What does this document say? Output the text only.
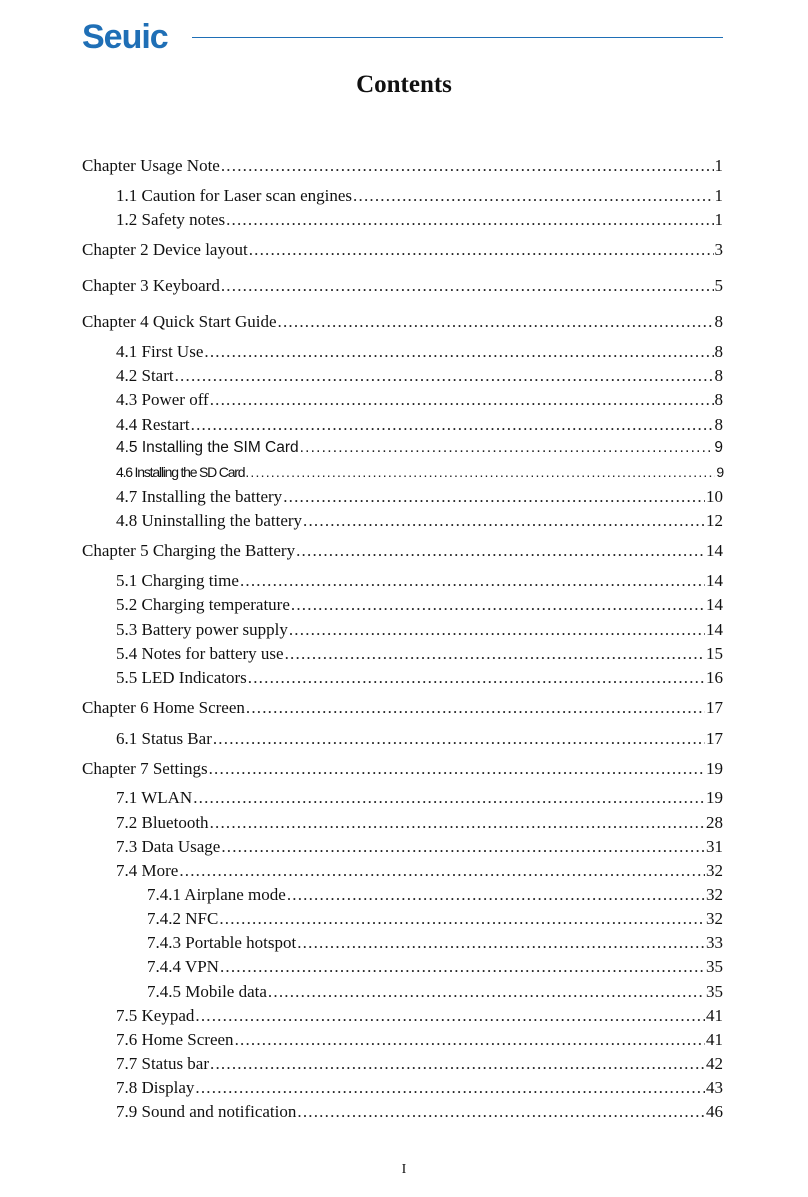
Seuic
Contents
Chapter Usage Note .....	1
1.1 Caution for Laser scan engines .....	1
1.2 Safety notes .....	1
Chapter 2 Device layout .....	3
Chapter 3 Keyboard .....	5
Chapter 4 Quick Start Guide .....	8
4.1 First Use .....	8
4.2 Start .....	8
4.3 Power off .....	8
4.4 Restart .....	8
4.5 Installing the SIM Card .....	9
4.6 Installing the SD Card .....	9
4.7 Installing the battery .....	10
4.8 Uninstalling the battery .....	12
Chapter 5 Charging the Battery .....	14
5.1 Charging time .....	14
5.2 Charging temperature .....	14
5.3 Battery power supply .....	14
5.4 Notes for battery use .....	15
5.5 LED Indicators .....	16
Chapter 6 Home Screen .....	17
6.1 Status Bar .....	17
Chapter 7 Settings .....	19
7.1 WLAN .....	19
7.2 Bluetooth .....	28
7.3 Data Usage .....	31
7.4 More .....	32
7.4.1 Airplane mode .....	32
7.4.2 NFC .....	32
7.4.3 Portable hotspot .....	33
7.4.4 VPN .....	35
7.4.5 Mobile data .....	35
7.5 Keypad .....	41
7.6 Home Screen .....	41
7.7 Status bar .....	42
7.8 Display .....	43
7.9 Sound and notification .....	46
I
